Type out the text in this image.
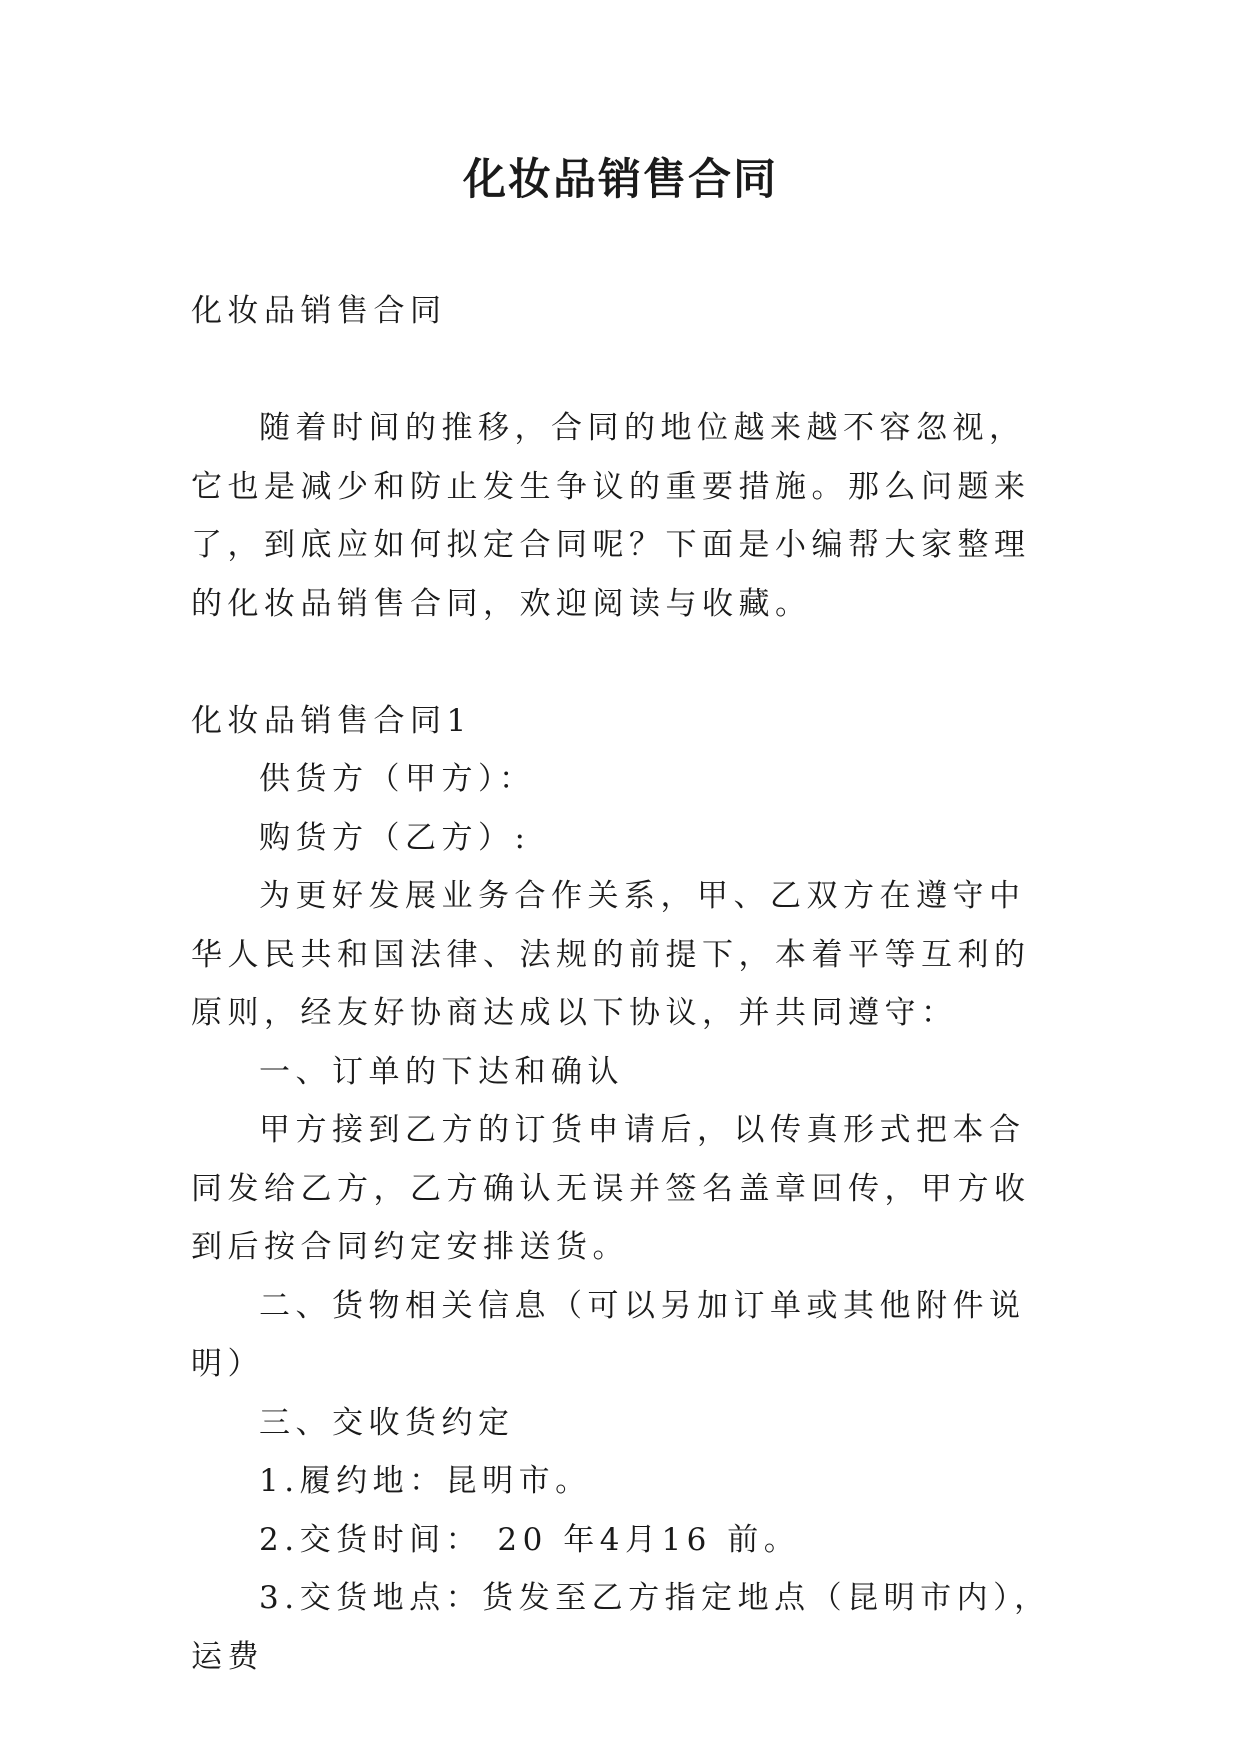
化妆品销售合同

化妆品销售合同

随着时间的推移，合同的地位越来越不容忽视，它也是减少和防止发生争议的重要措施。那么问题来了，到底应如何拟定合同呢？下面是小编帮大家整理的化妆品销售合同，欢迎阅读与收藏。

化妆品销售合同1

供货方（甲方）：

购货方（乙方）:

为更好发展业务合作关系，甲、乙双方在遵守中华人民共和国法律、法规的前提下，本着平等互利的原则，经友好协商达成以下协议，并共同遵守：

一、订单的下达和确认

甲方接到乙方的订货申请后，以传真形式把本合同发给乙方，乙方确认无误并签名盖章回传，甲方收到后按合同约定安排送货。

二、货物相关信息（可以另加订单或其他附件说明）

三、交收货约定

1.履约地：昆明市。

2.交货时间： 20 年4月16 前。

3.交货地点：货发至乙方指定地点（昆明市内），运费
